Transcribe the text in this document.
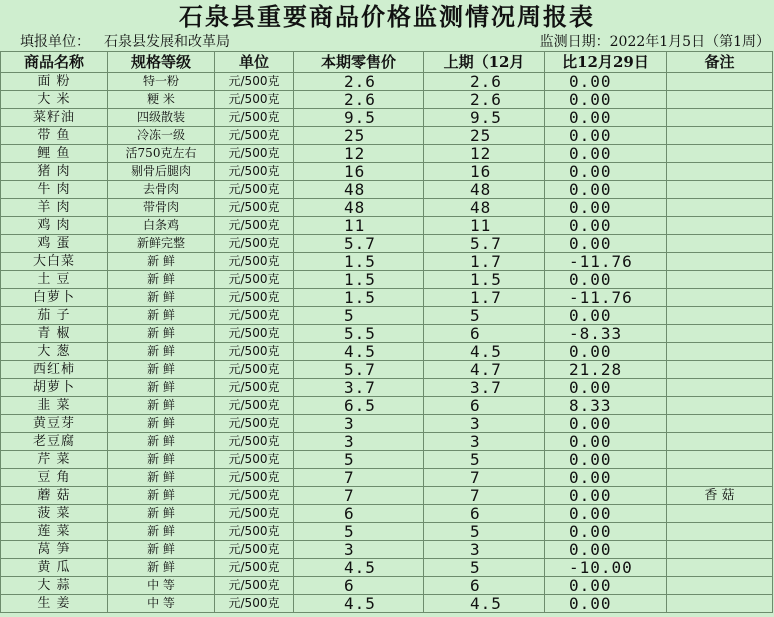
石泉县重要商品价格监测情况周报表
填报单位： 石泉县发展和改革局	监测日期：2022年1月5日（第1周）
商品名称	规格等级	单位	本期零售价	上期（12月	比12月29日	备注
面 粉	特一粉	元/500克	2.6	2.6	0.00	
大 米	粳 米	元/500克	2.6	2.6	0.00	
菜籽油	四级散装	元/500克	9.5	9.5	0.00	
带 鱼	冷冻一级	元/500克	25	25	0.00	
鲤 鱼	活750克左右	元/500克	12	12	0.00	
猪 肉	剔骨后腿肉	元/500克	16	16	0.00	
牛 肉	去骨肉	元/500克	48	48	0.00	
羊 肉	带骨肉	元/500克	48	48	0.00	
鸡 肉	白条鸡	元/500克	11	11	0.00	
鸡 蛋	新鲜完整	元/500克	5.7	5.7	0.00	
大白菜	新 鲜	元/500克	1.5	1.7	-11.76	
土 豆	新 鲜	元/500克	1.5	1.5	0.00	
白萝卜	新 鲜	元/500克	1.5	1.7	-11.76	
茄 子	新 鲜	元/500克	5	5	0.00	
青 椒	新 鲜	元/500克	5.5	6	-8.33	
大 葱	新 鲜	元/500克	4.5	4.5	0.00	
西红柿	新 鲜	元/500克	5.7	4.7	21.28	
胡萝卜	新 鲜	元/500克	3.7	3.7	0.00	
韭 菜	新 鲜	元/500克	6.5	6	8.33	
黄豆芽	新 鲜	元/500克	3	3	0.00	
老豆腐	新 鲜	元/500克	3	3	0.00	
芹 菜	新 鲜	元/500克	5	5	0.00	
豆 角	新 鲜	元/500克	7	7	0.00	
蘑 菇	新 鲜	元/500克	7	7	0.00	香 菇
菠 菜	新 鲜	元/500克	6	6	0.00	
莲 菜	新 鲜	元/500克	5	5	0.00	
莴 笋	新 鲜	元/500克	3	3	0.00	
黄 瓜	新 鲜	元/500克	4.5	5	-10.00	
大 蒜	中 等	元/500克	6	6	0.00	
生 姜	中 等	元/500克	4.5	4.5	0.00	
